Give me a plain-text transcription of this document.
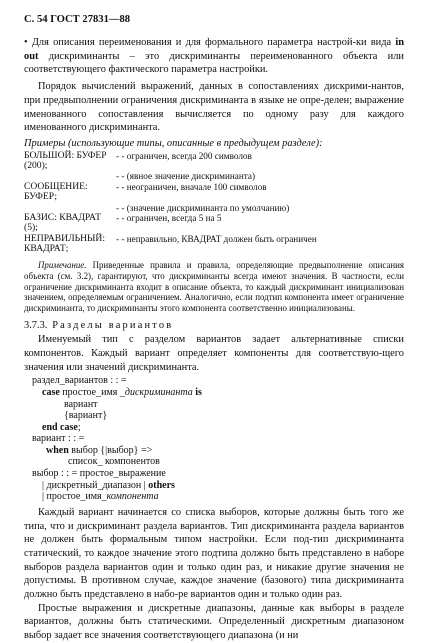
С. 54 ГОСТ 27831—88

• Для описания переименования и для формального параметра настрой-ки вида in out дискриминанты – это дискриминанты переименованного объекта или соответствующего фактического параметра настройки.

Порядок вычислений выражений, данных в сопоставлениях дискрими-нантов, при предвыполнении ограничения дискриминанта в языке не опре-делен; выражение именованного сопоставления вычисляется по одному разу для каждого именованного дискриминанта.

Примеры (использующие типы, описанные в предыдущем разделе):
БОЛЬШОЙ: БУФЕР (200);
- - ограничен, всегда 200 символов
- - (явное значение дискриминанта)
СООБЩЕНИЕ: БУФЕР;
- - неограничен, вначале 100 символов
- - (значение дискриминанта по умолчанию)
БАЗИС: КВАДРАТ (5);
- - ограничен, всегда 5 на 5
НЕПРАВИЛЬНЫЙ: КВАДРАТ;
- - неправильно, КВАДРАТ должен быть ограничен

Примечание. Приведенные правила и правила, определяющие предвыполнение описания объекта (см. 3.2), гарантируют, что дискриминанты всегда имеют значения. В частности, если ограничение дискриминанта входит в описание объекта, то каждый дискриминант инициализован значением, определяемым ограничением. Аналогично, если подтип компонента имеет ограничение дискриминанта, то дискриминанты этого компонента соответственно инициализованы.

3.7.3. Разделы вариантов

Именуемый тип с разделом вариантов задает альтернативные списки компонентов. Каждый вариант определяет компоненты для соответствую-щего значения или значений дискриминанта.

раздел_вариантов : : =
case простое_имя _дискриминанта is
вариант
{вариант}
end case;
вариант : : =
when выбор {|выбор} =>
список_ компонентов
выбор : : = простое_выражение
| дискретный_диапазон | others
| простое_имя_компонента

Каждый вариант начинается со списка выборов, которые должны быть того же типа, что и дискриминант раздела вариантов. Тип дискриминанта раздела вариантов не должен быть формальным типом настройки. Если под-тип дискриминанта статический, то каждое значение этого подтипа должно быть представлено в наборе выборов раздела вариантов один и только один раз, и никакие другие значения не допустимы. В противном случае, каждое значение (базового) типа дискриминанта должно быть представлено в набо-ре вариантов один и только один раз.

Простые выражения и дискретные диапазоны, данные как выборы в разделе вариантов, должны быть статическими. Определенный дискретным диапазоном выбор задает все значения соответствующего диапазона (и ни
